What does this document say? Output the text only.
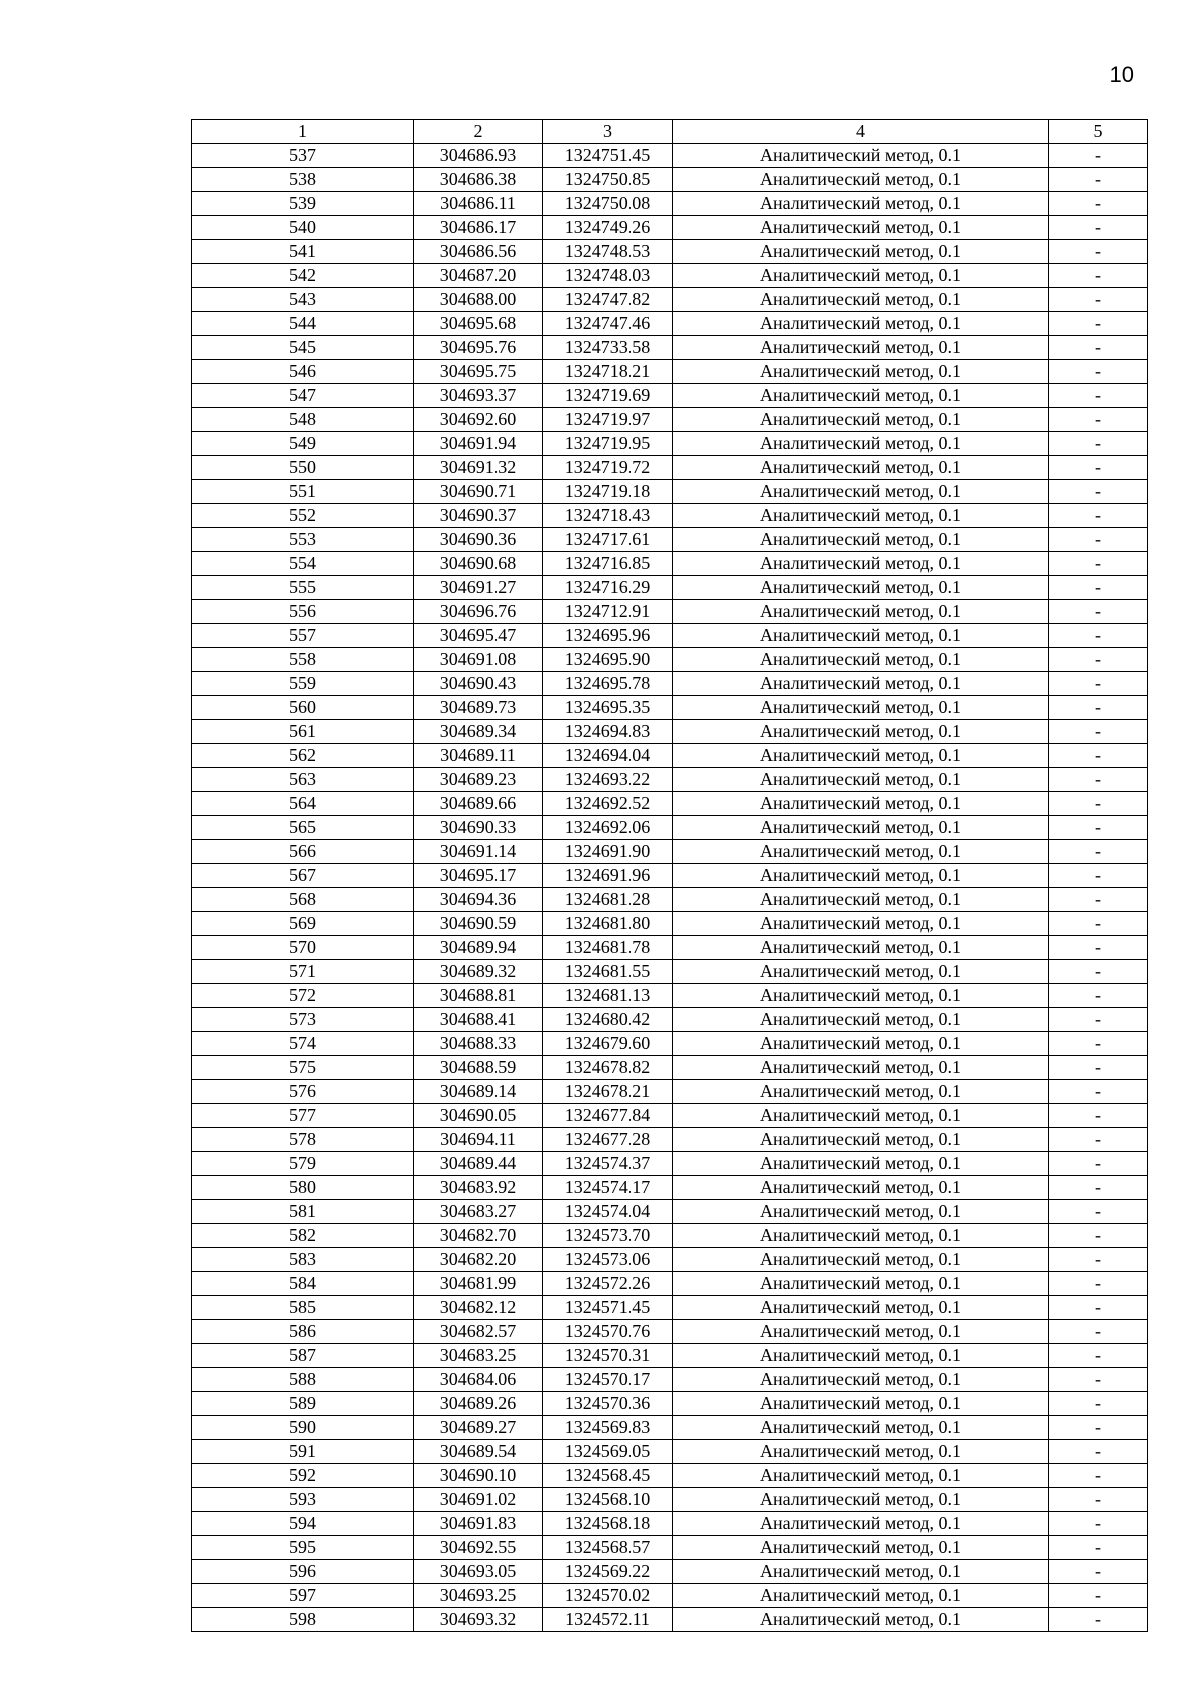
10
1	2	3	4	5
537	304686.93	1324751.45	Аналитический метод, 0.1	-
538	304686.38	1324750.85	Аналитический метод, 0.1	-
539	304686.11	1324750.08	Аналитический метод, 0.1	-
540	304686.17	1324749.26	Аналитический метод, 0.1	-
541	304686.56	1324748.53	Аналитический метод, 0.1	-
542	304687.20	1324748.03	Аналитический метод, 0.1	-
543	304688.00	1324747.82	Аналитический метод, 0.1	-
544	304695.68	1324747.46	Аналитический метод, 0.1	-
545	304695.76	1324733.58	Аналитический метод, 0.1	-
546	304695.75	1324718.21	Аналитический метод, 0.1	-
547	304693.37	1324719.69	Аналитический метод, 0.1	-
548	304692.60	1324719.97	Аналитический метод, 0.1	-
549	304691.94	1324719.95	Аналитический метод, 0.1	-
550	304691.32	1324719.72	Аналитический метод, 0.1	-
551	304690.71	1324719.18	Аналитический метод, 0.1	-
552	304690.37	1324718.43	Аналитический метод, 0.1	-
553	304690.36	1324717.61	Аналитический метод, 0.1	-
554	304690.68	1324716.85	Аналитический метод, 0.1	-
555	304691.27	1324716.29	Аналитический метод, 0.1	-
556	304696.76	1324712.91	Аналитический метод, 0.1	-
557	304695.47	1324695.96	Аналитический метод, 0.1	-
558	304691.08	1324695.90	Аналитический метод, 0.1	-
559	304690.43	1324695.78	Аналитический метод, 0.1	-
560	304689.73	1324695.35	Аналитический метод, 0.1	-
561	304689.34	1324694.83	Аналитический метод, 0.1	-
562	304689.11	1324694.04	Аналитический метод, 0.1	-
563	304689.23	1324693.22	Аналитический метод, 0.1	-
564	304689.66	1324692.52	Аналитический метод, 0.1	-
565	304690.33	1324692.06	Аналитический метод, 0.1	-
566	304691.14	1324691.90	Аналитический метод, 0.1	-
567	304695.17	1324691.96	Аналитический метод, 0.1	-
568	304694.36	1324681.28	Аналитический метод, 0.1	-
569	304690.59	1324681.80	Аналитический метод, 0.1	-
570	304689.94	1324681.78	Аналитический метод, 0.1	-
571	304689.32	1324681.55	Аналитический метод, 0.1	-
572	304688.81	1324681.13	Аналитический метод, 0.1	-
573	304688.41	1324680.42	Аналитический метод, 0.1	-
574	304688.33	1324679.60	Аналитический метод, 0.1	-
575	304688.59	1324678.82	Аналитический метод, 0.1	-
576	304689.14	1324678.21	Аналитический метод, 0.1	-
577	304690.05	1324677.84	Аналитический метод, 0.1	-
578	304694.11	1324677.28	Аналитический метод, 0.1	-
579	304689.44	1324574.37	Аналитический метод, 0.1	-
580	304683.92	1324574.17	Аналитический метод, 0.1	-
581	304683.27	1324574.04	Аналитический метод, 0.1	-
582	304682.70	1324573.70	Аналитический метод, 0.1	-
583	304682.20	1324573.06	Аналитический метод, 0.1	-
584	304681.99	1324572.26	Аналитический метод, 0.1	-
585	304682.12	1324571.45	Аналитический метод, 0.1	-
586	304682.57	1324570.76	Аналитический метод, 0.1	-
587	304683.25	1324570.31	Аналитический метод, 0.1	-
588	304684.06	1324570.17	Аналитический метод, 0.1	-
589	304689.26	1324570.36	Аналитический метод, 0.1	-
590	304689.27	1324569.83	Аналитический метод, 0.1	-
591	304689.54	1324569.05	Аналитический метод, 0.1	-
592	304690.10	1324568.45	Аналитический метод, 0.1	-
593	304691.02	1324568.10	Аналитический метод, 0.1	-
594	304691.83	1324568.18	Аналитический метод, 0.1	-
595	304692.55	1324568.57	Аналитический метод, 0.1	-
596	304693.05	1324569.22	Аналитический метод, 0.1	-
597	304693.25	1324570.02	Аналитический метод, 0.1	-
598	304693.32	1324572.11	Аналитический метод, 0.1	-
